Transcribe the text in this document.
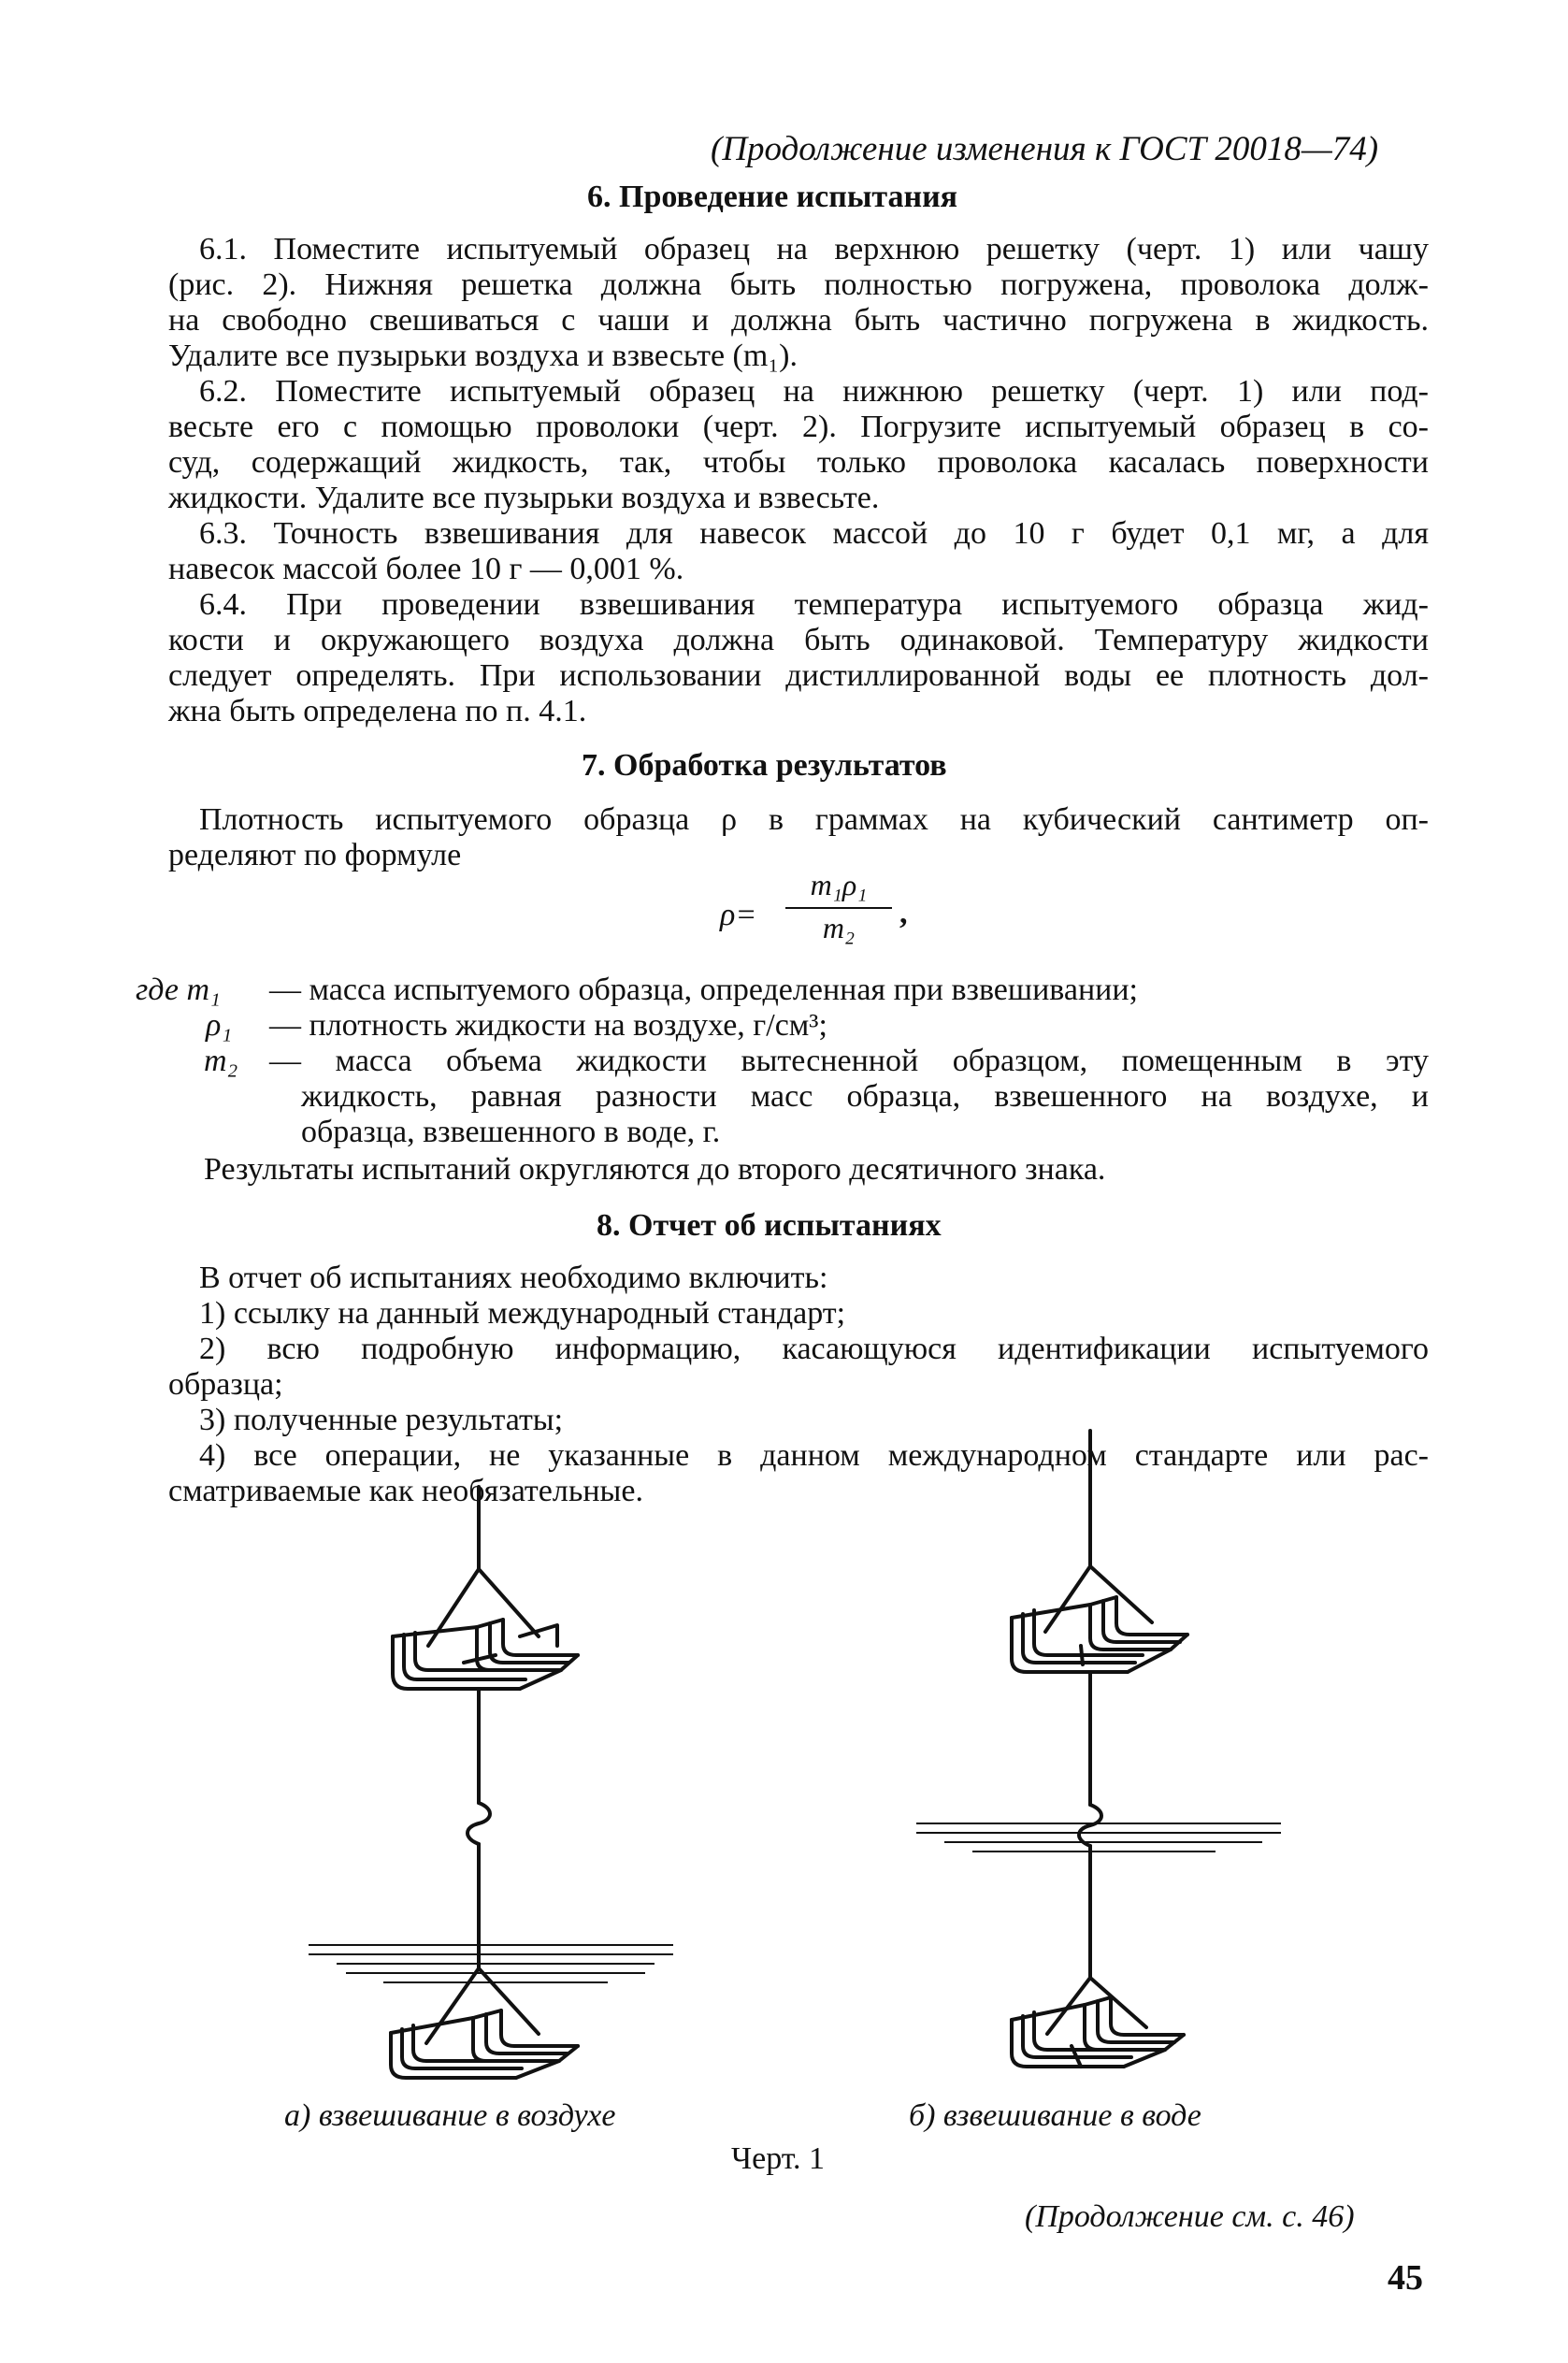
(Продолжение изменения к ГОСТ 20018—74)
6. Проведение испытания
6.1. Поместите испытуемый образец на верхнюю решетку (черт. 1) или чашу
(рис. 2). Нижняя решетка должна быть полностью погружена, проволока долж-
на свободно свешиваться с чаши и должна быть частично погружена в жидкость.
Удалите все пузырьки воздуха и взвесьте (m₁).
6.2. Поместите испытуемый образец на нижнюю решетку (черт. 1) или под-
весьте его с помощью проволоки (черт. 2). Погрузите испытуемый образец в со-
суд, содержащий жидкость, так, чтобы только проволока касалась поверхности
жидкости. Удалите все пузырьки воздуха и взвесьте.
6.3. Точность взвешивания для навесок массой до 10 г будет 0,1 мг, а для
навесок массой более 10 г — 0,001 %.
6.4. При проведении взвешивания температура испытуемого образца жид-
кости и окружающего воздуха должна быть одинаковой. Температуру жидкости
следует определять. При использовании дистиллированной воды ее плотность дол-
жна быть определена по п. 4.1.
7. Обработка результатов
Плотность испытуемого образца ρ в граммах на кубический сантиметр оп-
ределяют по формуле
ρ=
m₁ρ₁
m₂	,
где m₁ — масса испытуемого образца, определенная при взвешивании;
ρ₁ — плотность жидкости на воздухе, г/см³;
m₂ — масса объема жидкости вытесненной образцом, помещенным в эту
жидкость, равная разности масс образца, взвешенного на воздухе, и
образца, взвешенного в воде, г.
Результаты испытаний округляются до второго десятичного знака.
8. Отчет об испытаниях
В отчет об испытаниях необходимо включить:
1) ссылку на данный международный стандарт;
2) всю подробную информацию, касающуюся идентификации испытуемого
образца;
3) полученные результаты;
4) все операции, не указанные в данном международном стандарте или рас-
сматриваемые как необязательные.
а) взвешивание в воздухе	б) взвешивание в воде
Черт. 1
(Продолжение см. с. 46)
45
